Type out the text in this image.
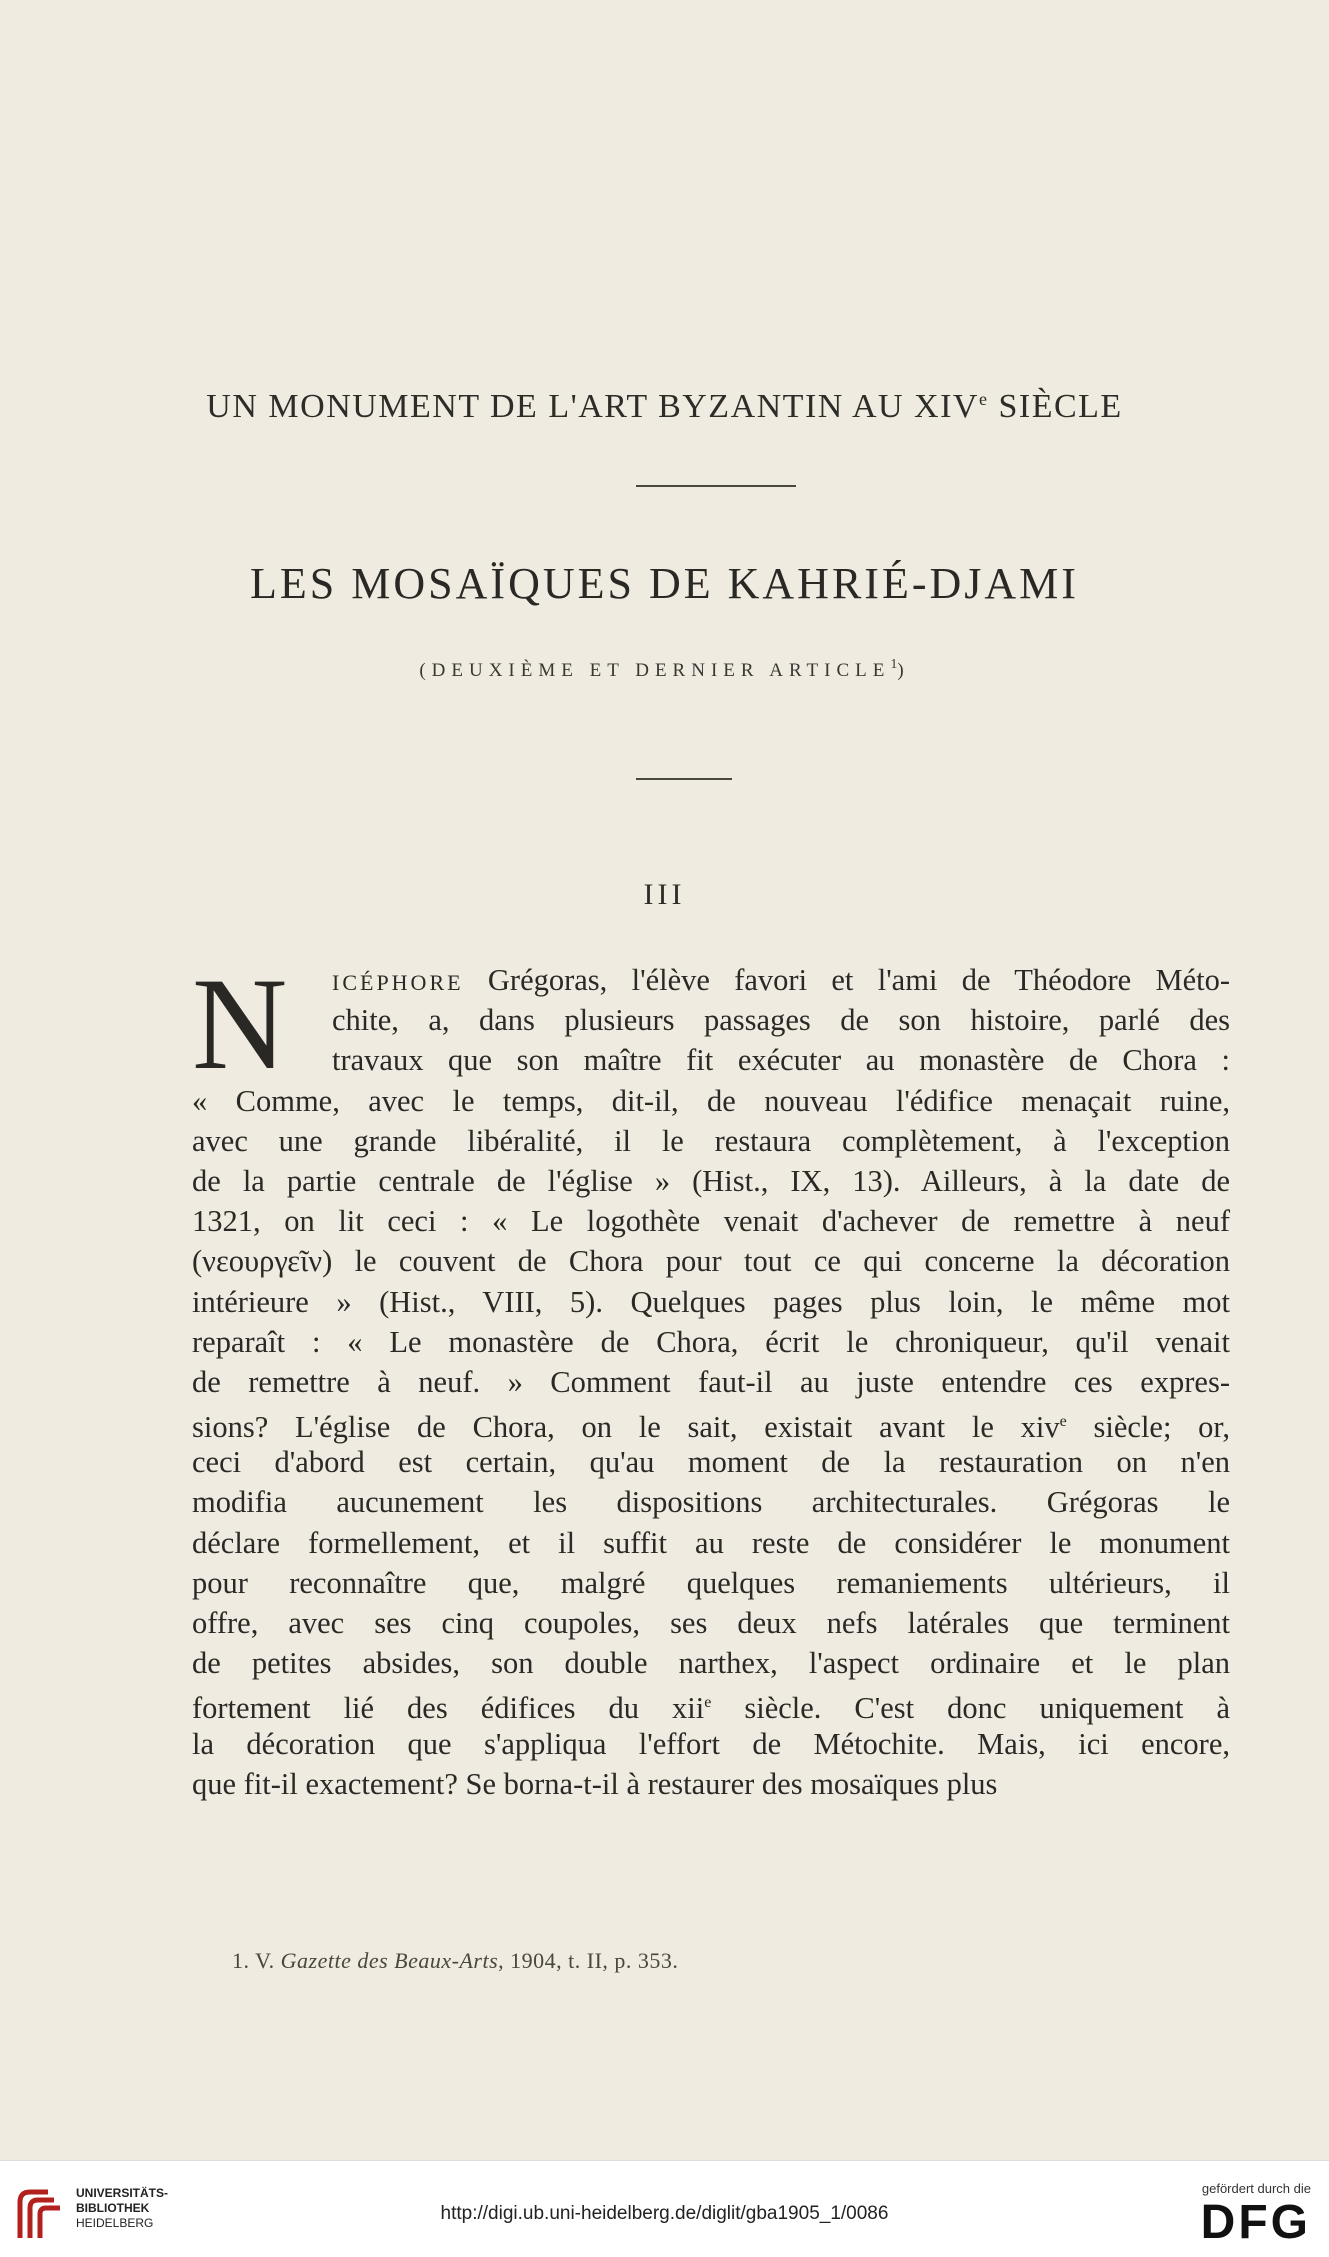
UN MONUMENT DE L'ART BYZANTIN AU XIVe SIÈCLE
LES MOSAÏQUES DE KAHRIÉ-DJAMI
(DEUXIÈME ET DERNIER ARTICLE$^1$)
III
N	ICÉPHORE Grégoras, l'élève favori et l'ami de Théodore Méto-
chite, a, dans plusieurs passages de son histoire, parlé des
travaux que son maître fit exécuter au monastère de Chora :
« Comme, avec le temps, dit-il, de nouveau l'édifice menaçait ruine,
avec une grande libéralité, il le restaura complètement, à l'exception
de la partie centrale de l'église » (Hist., IX, 13). Ailleurs, à la date de
1321, on lit ceci : « Le logothète venait d'achever de remettre à neuf
(νεουργεῖν) le couvent de Chora pour tout ce qui concerne la décoration
intérieure » (Hist., VIII, 5). Quelques pages plus loin, le même mot
reparaît : « Le monastère de Chora, écrit le chroniqueur, qu'il venait
de remettre à neuf. » Comment faut-il au juste entendre ces expres-
sions? L'église de Chora, on le sait, existait avant le xiv$^e$ siècle; or,
ceci d'abord est certain, qu'au moment de la restauration on n'en
modifia aucunement les dispositions architecturales. Grégoras le
déclare formellement, et il suffit au reste de considérer le monument
pour reconnaître que, malgré quelques remaniements ultérieurs, il
offre, avec ses cinq coupoles, ses deux nefs latérales que terminent
de petites absides, son double narthex, l'aspect ordinaire et le plan
fortement lié des édifices du xii$^e$ siècle. C'est donc uniquement à
la décoration que s'appliqua l'effort de Métochite. Mais, ici encore,
que fit-il exactement? Se borna-t-il à restaurer des mosaïques plus
1. V. Gazette des Beaux-Arts, 1904, t. II, p. 353.
UNIVERSITÄTS-
BIBLIOTHEK
HEIDELBERG	http://digi.ub.uni-heidelberg.de/diglit/gba1905_1/0086
gefördert durch die
DFG
